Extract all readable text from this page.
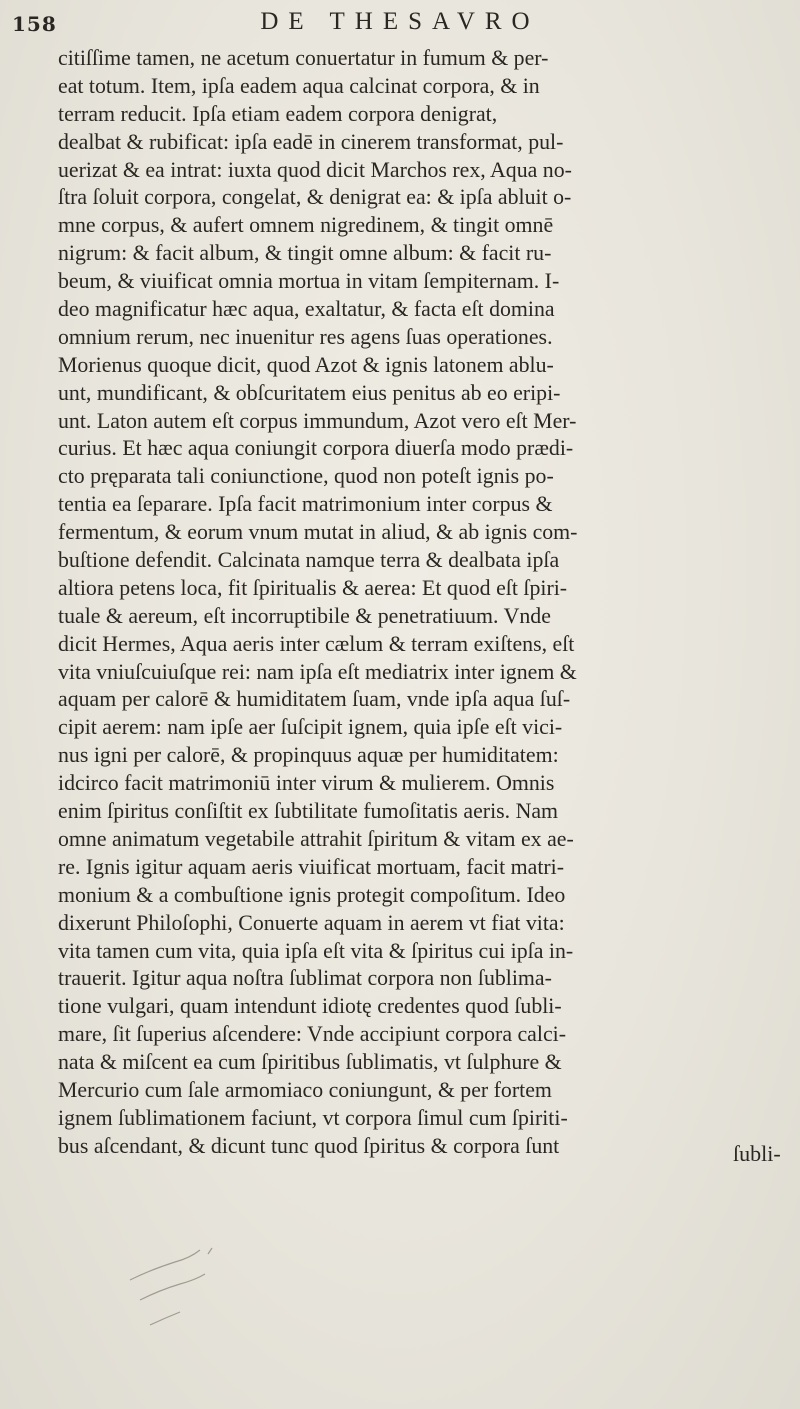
158	DE THESAVRO
citiſſime tamen, ne acetum conuertatur in fumum & per-
eat totum. Item, ipſa eadem aqua calcinat corpora, & in
terram reducit. Ipſa etiam eadem corpora denigrat,
dealbat & rubificat: ipſa eadē in cinerem transformat, pul-
uerizat & ea intrat: iuxta quod dicit Marchos rex, Aqua no-
ſtra ſoluit corpora, congelat, & denigrat ea: & ipſa abluit o-
mne corpus, & aufert omnem nigredinem, & tingit omnē
nigrum: & facit album, & tingit omne album: & facit ru-
beum, & viuificat omnia mortua in vitam ſempiternam. I-
deo magnificatur hæc aqua, exaltatur, & facta eſt domina
omnium rerum, nec inuenitur res agens ſuas operationes.
Morienus quoque dicit, quod Azot & ignis latonem ablu-
unt, mundificant, & obſcuritatem eius penitus ab eo eripi-
unt. Laton autem eſt corpus immundum, Azot vero eſt Mer-
curius. Et hæc aqua coniungit corpora diuerſa modo prædi-
cto pręparata tali coniunctione, quod non poteſt ignis po-
tentia ea ſeparare. Ipſa facit matrimonium inter corpus &
fermentum, & eorum vnum mutat in aliud, & ab ignis com-
buſtione defendit. Calcinata namque terra & dealbata ipſa
altiora petens loca, fit ſpiritualis & aerea: Et quod eſt ſpiri-
tuale & aereum, eſt incorruptibile & penetratiuum. Vnde
dicit Hermes, Aqua aeris inter cælum & terram exiſtens, eſt
vita vniuſcuiuſque rei: nam ipſa eſt mediatrix inter ignem &
aquam per calorē & humiditatem ſuam, vnde ipſa aqua ſuſ-
cipit aerem: nam ipſe aer ſuſcipit ignem, quia ipſe eſt vici-
nus igni per calorē, & propinquus aquæ per humiditatem:
idcirco facit matrimoniū inter virum & mulierem. Omnis
enim ſpiritus conſiſtit ex ſubtilitate fumoſitatis aeris. Nam
omne animatum vegetabile attrahit ſpiritum & vitam ex ae-
re. Ignis igitur aquam aeris viuificat mortuam, facit matri-
monium & a combuſtione ignis protegit compoſitum. Ideo
dixerunt Philoſophi, Conuerte aquam in aerem vt fiat vita:
vita tamen cum vita, quia ipſa eſt vita & ſpiritus cui ipſa in-
trauerit. Igitur aqua noſtra ſublimat corpora non ſublima-
tione vulgari, quam intendunt idiotę credentes quod ſubli-
mare, ſit ſuperius aſcendere: Vnde accipiunt corpora calci-
nata & miſcent ea cum ſpiritibus ſublimatis, vt ſulphure &
Mercurio cum ſale armomiaco coniungunt, & per fortem
ignem ſublimationem faciunt, vt corpora ſimul cum ſpiriti-
bus aſcendant, & dicunt tunc quod ſpiritus & corpora ſunt	ſubli-
